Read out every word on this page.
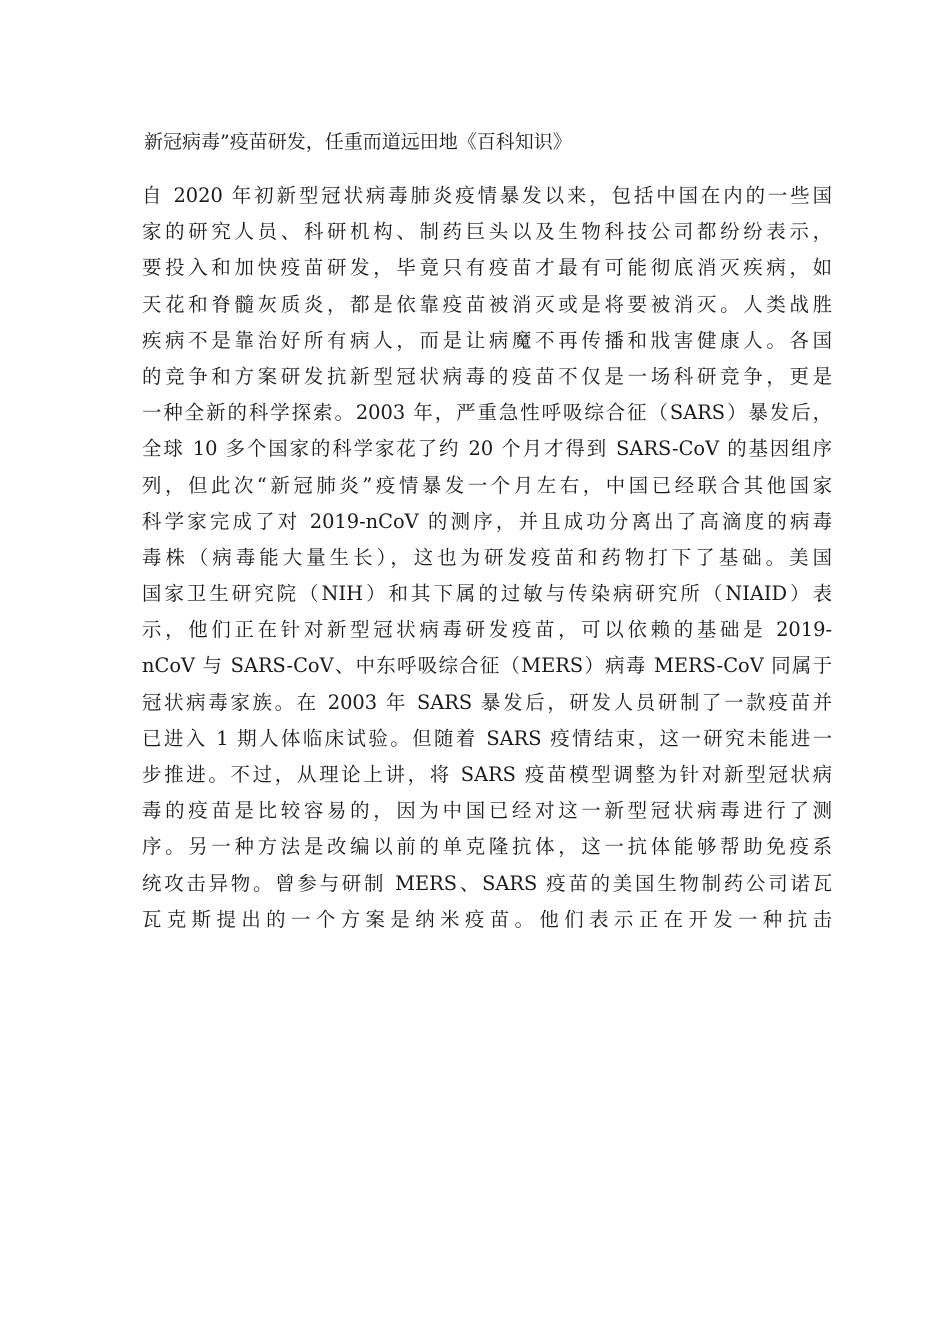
新冠病毒”疫苗研发，任重而道远田地《百科知识》
自 2020 年初新型冠状病毒肺炎疫情暴发以来，包括中国在内的一些国
家的研究人员、科研机构、制药巨头以及生物科技公司都纷纷表示，
要投入和加快疫苗研发，毕竟只有疫苗才最有可能彻底消灭疾病，如
天花和脊髓灰质炎，都是依靠疫苗被消灭或是将要被消灭。人类战胜
疾病不是靠治好所有病人，而是让病魔不再传播和戕害健康人。各国
的竞争和方案研发抗新型冠状病毒的疫苗不仅是一场科研竞争，更是
一种全新的科学探索。2003 年，严重急性呼吸综合征（SARS）暴发后，
全球 10 多个国家的科学家花了约 20 个月才得到 SARS-CoV 的基因组序
列，但此次“新冠肺炎”疫情暴发一个月左右，中国已经联合其他国家
科学家完成了对 2019-nCoV 的测序，并且成功分离出了高滴度的病毒
毒株（病毒能大量生长），这也为研发疫苗和药物打下了基础。美国
国家卫生研究院（NIH）和其下属的过敏与传染病研究所（NIAID）表
示，他们正在针对新型冠状病毒研发疫苗，可以依赖的基础是 2019-
nCoV 与 SARS-CoV、中东呼吸综合征（MERS）病毒 MERS-CoV 同属于
冠状病毒家族。在 2003 年 SARS 暴发后，研发人员研制了一款疫苗并
已进入 1 期人体临床试验。但随着 SARS 疫情结束，这一研究未能进一
步推进。不过，从理论上讲，将 SARS 疫苗模型调整为针对新型冠状病
毒的疫苗是比较容易的，因为中国已经对这一新型冠状病毒进行了测
序。另一种方法是改编以前的单克隆抗体，这一抗体能够帮助免疫系
统攻击异物。曾参与研制 MERS、SARS 疫苗的美国生物制药公司诺瓦
瓦克斯提出的一个方案是纳米疫苗。他们表示正在开发一种抗击
